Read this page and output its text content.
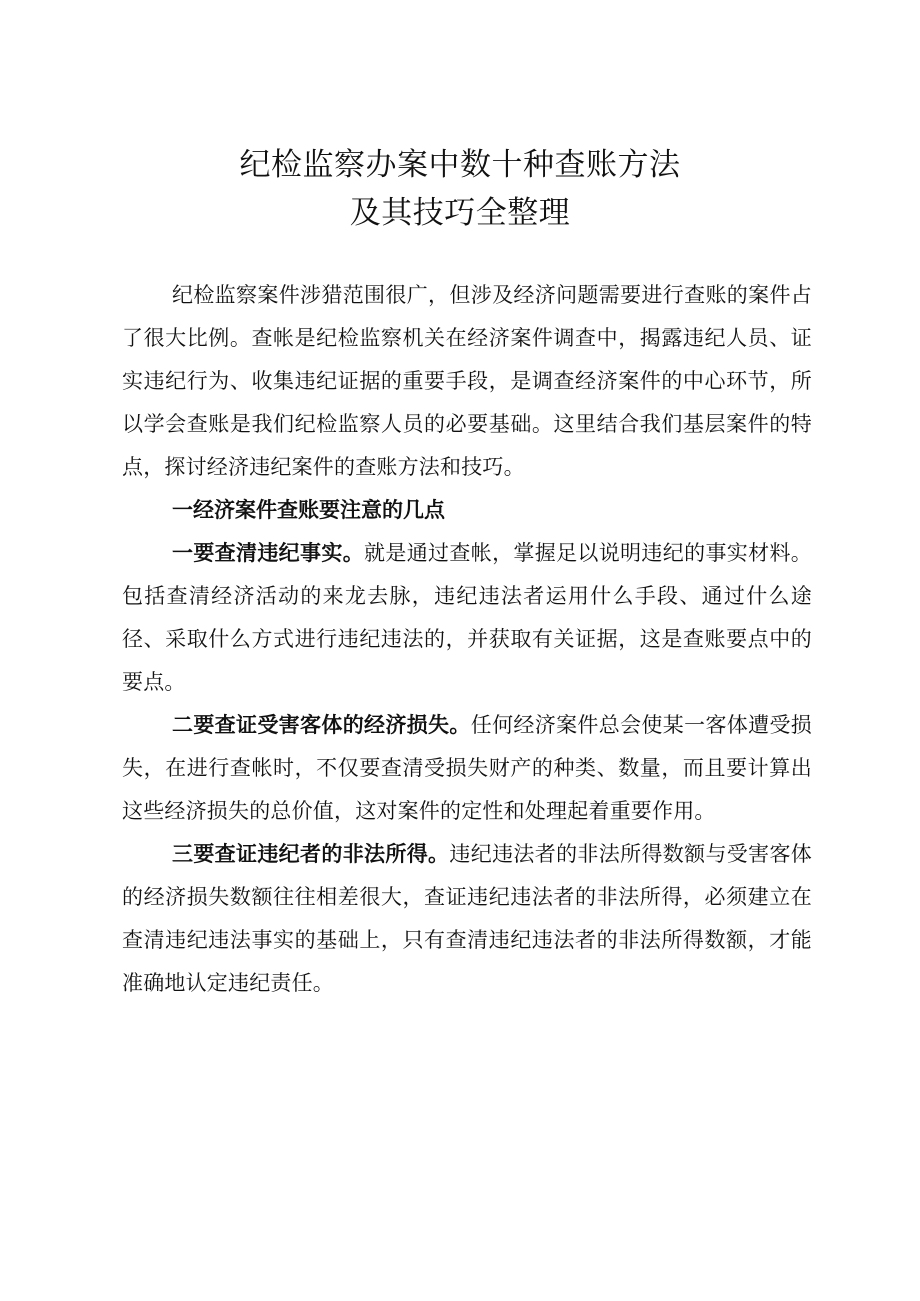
纪检监察办案中数十种查账方法
及其技巧全整理

纪检监察案件涉猎范围很广，但涉及经济问题需要进行查账的案件占了很大比例。查帐是纪检监察机关在经济案件调查中，揭露违纪人员、证实违纪行为、收集违纪证据的重要手段，是调查经济案件的中心环节，所以学会查账是我们纪检监察人员的必要基础。这里结合我们基层案件的特点，探讨经济违纪案件的查账方法和技巧。

一经济案件查账要注意的几点

一要查清违纪事实。就是通过查帐，掌握足以说明违纪的事实材料。包括查清经济活动的来龙去脉，违纪违法者运用什么手段、通过什么途径、采取什么方式进行违纪违法的，并获取有关证据，这是查账要点中的要点。

二要查证受害客体的经济损失。任何经济案件总会使某一客体遭受损失，在进行查帐时，不仅要查清受损失财产的种类、数量，而且要计算出这些经济损失的总价值，这对案件的定性和处理起着重要作用。

三要查证违纪者的非法所得。违纪违法者的非法所得数额与受害客体的经济损失数额往往相差很大，查证违纪违法者的非法所得，必须建立在查清违纪违法事实的基础上，只有查清违纪违法者的非法所得数额，才能准确地认定违纪责任。
